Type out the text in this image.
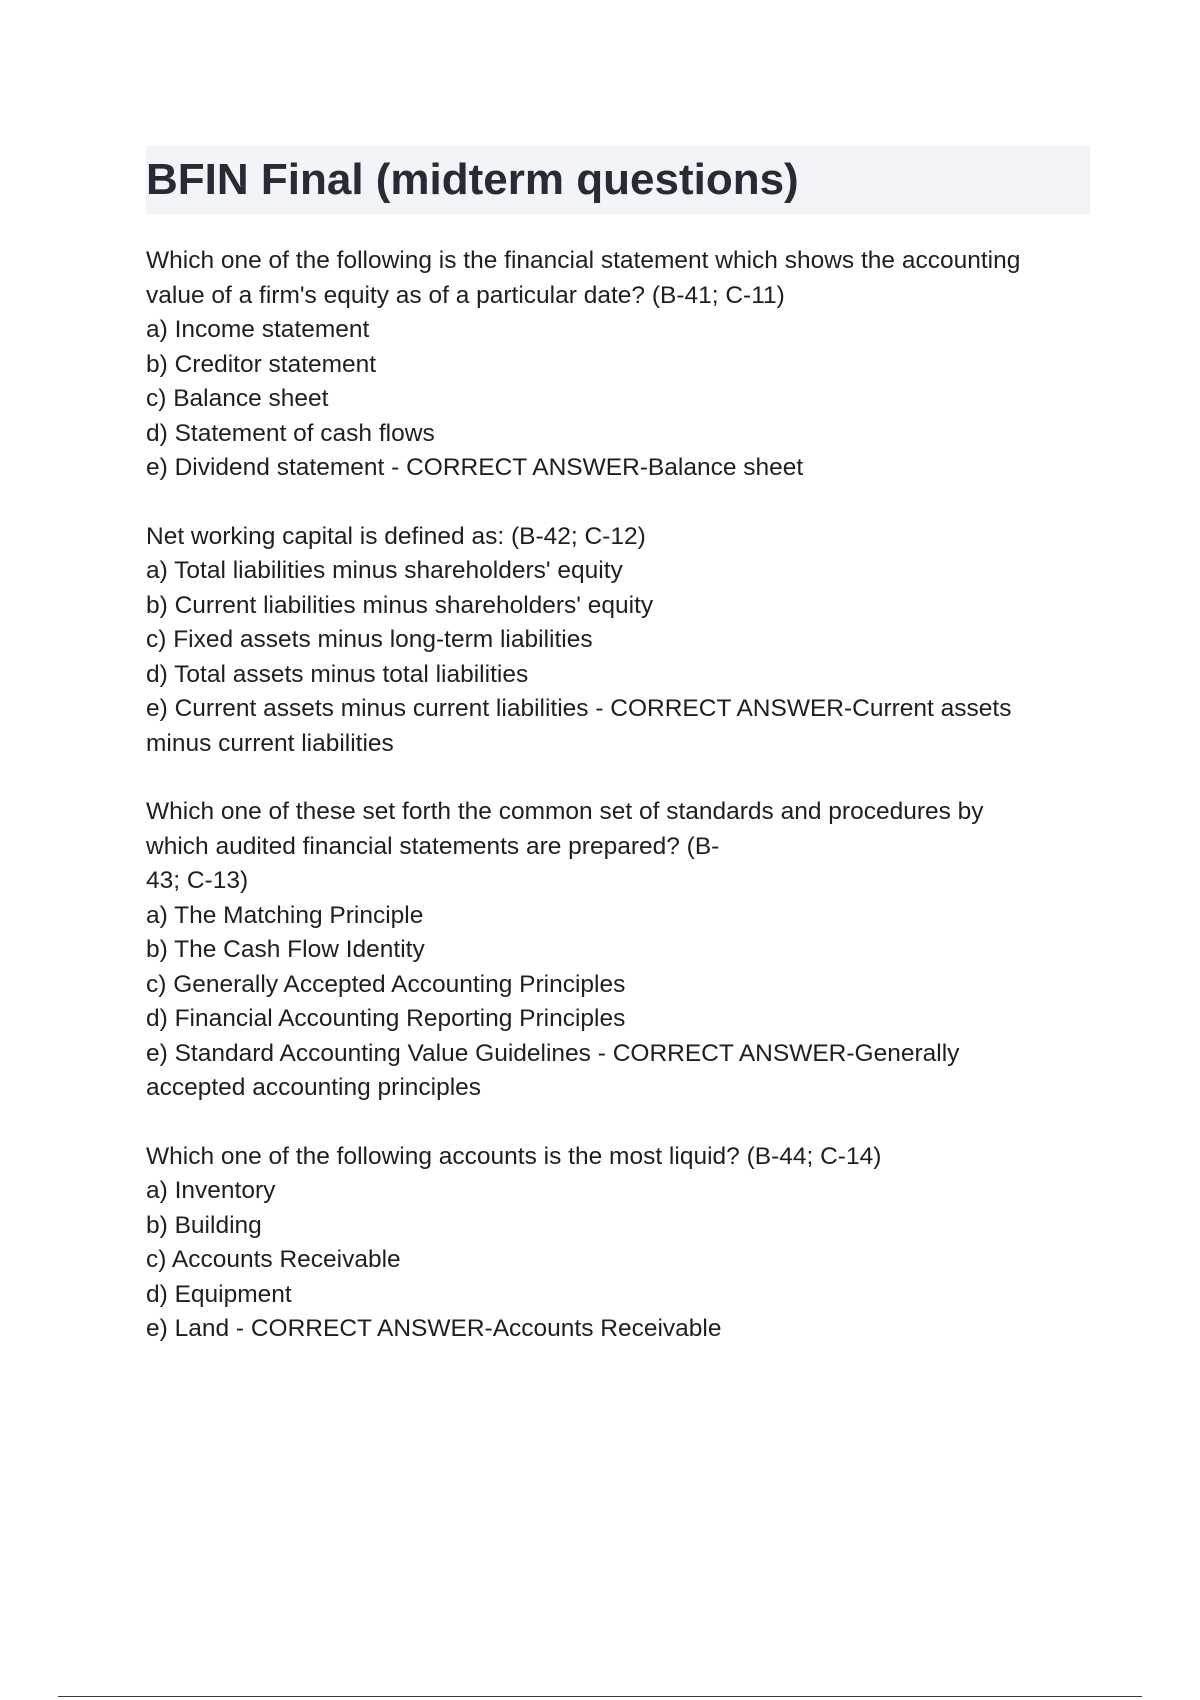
BFIN Final (midterm questions)

Which one of the following is the financial statement which shows the accounting

value of a firm's equity as of a particular date? (B-41; C-11)

a) Income statement

b) Creditor statement

c) Balance sheet

d) Statement of cash flows

e) Dividend statement - CORRECT ANSWER-Balance sheet

Net working capital is defined as: (B-42; C-12)

a) Total liabilities minus shareholders' equity

b) Current liabilities minus shareholders' equity

c) Fixed assets minus long-term liabilities

d) Total assets minus total liabilities

e) Current assets minus current liabilities - CORRECT ANSWER-Current assets

minus current liabilities

Which one of these set forth the common set of standards and procedures by

which audited financial statements are prepared? (B-

43; C-13)

a) The Matching Principle

b) The Cash Flow Identity

c) Generally Accepted Accounting Principles

d) Financial Accounting Reporting Principles

e) Standard Accounting Value Guidelines - CORRECT ANSWER-Generally

accepted accounting principles

Which one of the following accounts is the most liquid? (B-44; C-14)

a) Inventory

b) Building

c) Accounts Receivable

d) Equipment

e) Land - CORRECT ANSWER-Accounts Receivable
